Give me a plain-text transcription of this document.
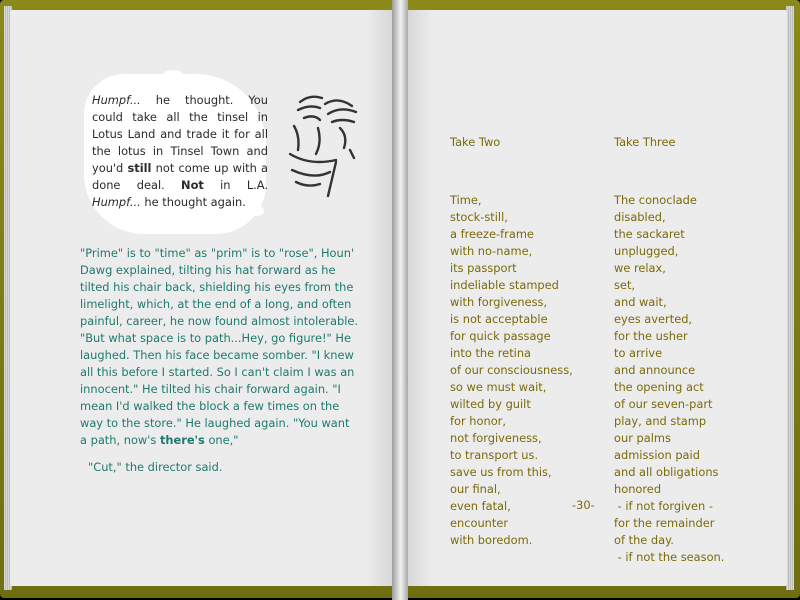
Humpf... he thought. You could take all the tinsel in Lotus Land and trade it for all the lotus in Tinsel Town and you'd still not come up with a done deal. Not in L.A. Humpf... he thought again.

"Prime" is to "time" as "prim" is to "rose", Houn' Dawg explained, tilting his hat forward as he tilted his chair back, shielding his eyes from the limelight, which, at the end of a long, and often painful, career, he now found almost intolerable. "But what space is to path...Hey, go figure!" He laughed. Then his face became somber. "I knew all this before I started. So I can't claim I was an innocent." He tilted his chair forward again. "I mean I'd walked the block a few times on the way to the store." He laughed again. "You want a path, now's there's one,"

"Cut," the director said.

Take Two

Time,
stock-still,
a freeze-frame
with no-name,
its passport
indeliable stamped
with forgiveness,
is not acceptable
for quick passage
into the retina
of our consciousness,
so we must wait,
wilted by guilt
for honor,
not forgiveness,
to transport us.
save us from this,
our final,
even fatal,
encounter
with boredom.

Take Three

The conoclade
disabled,
the sackaret
unplugged,
we relax,
set,
and wait,
eyes averted,
for the usher
to arrive
and announce
the opening act
of our seven-part
play, and stamp
our palms
admission paid
and all obligations
honored
- if not forgiven -
for the remainder
of the day.
- if not the season.

-30-
